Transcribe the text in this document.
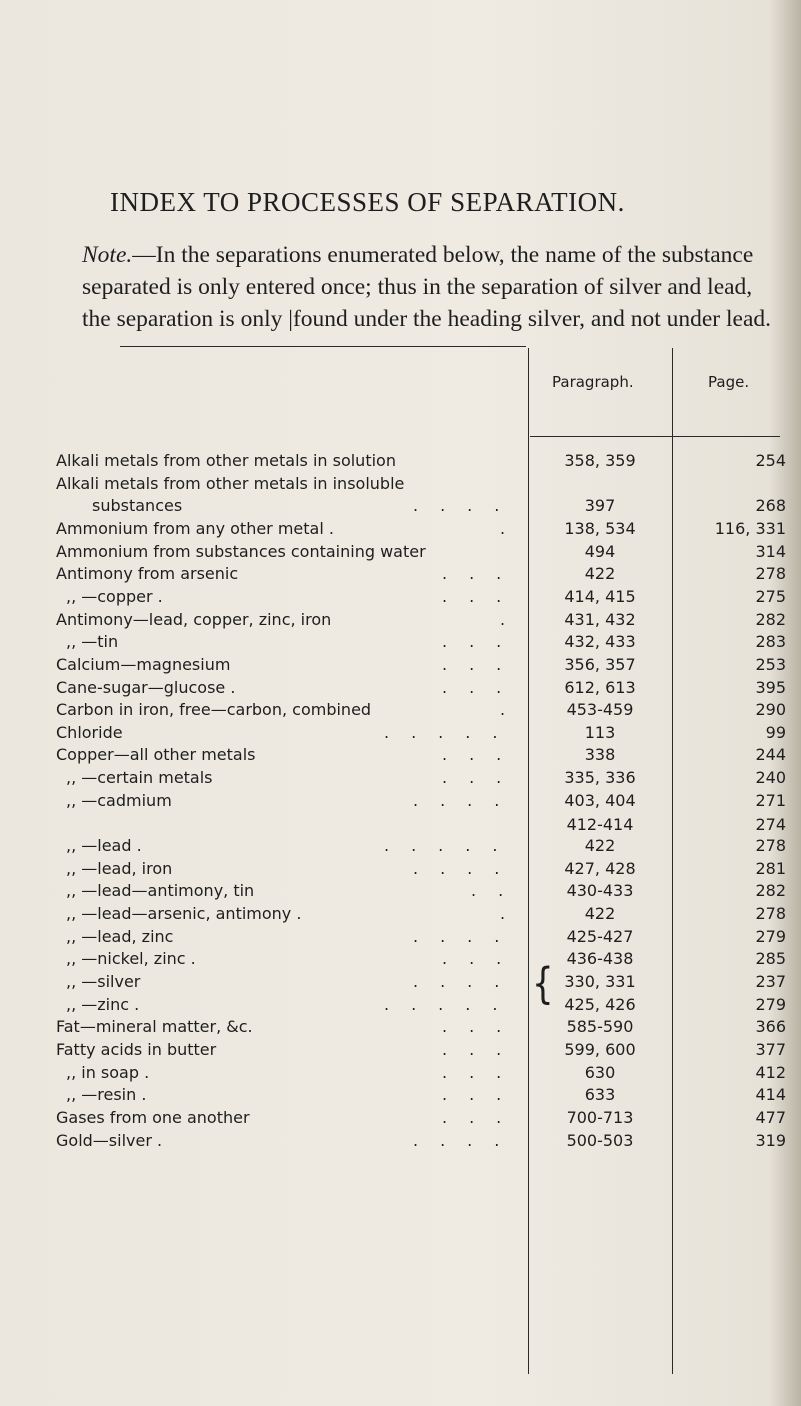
INDEX TO PROCESSES OF SEPARATION.

Note.—In the separations enumerated below, the name of the substance separated is only entered once; thus in the separation of silver and lead, the separation is only |found under the heading silver, and not under lead.

Paragraph.	Page.
{
Alkali metals from other metals in solution	358, 359	254
Alkali metals from other metals in insoluble
substances	....	397	268
Ammonium from any other metal .	.	138, 534	116, 331
Ammonium from substances containing water	494	314
Antimony from arsenic	...	422	278
,, —copper .	...	414, 415	275
Antimony—lead, copper, zinc, iron	.	431, 432	282
,, —tin	...	432, 433	283
Calcium—magnesium	...	356, 357	253
Cane-sugar—glucose .	...	612, 613	395
Carbon in iron, free—carbon, combined	.	453-459	290
Chloride	.....	113	99
Copper—all other metals	...	338	244
,, —certain metals	...	335, 336	240
,, —cadmium	....	403, 404	271
412-414	274
,, —lead .	.....	422	278
,, —lead, iron	....	427, 428	281
,, —lead—antimony, tin	..	430-433	282
,, —lead—arsenic, antimony .	.	422	278
,, —lead, zinc	....	425-427	279
,, —nickel, zinc .	...	436-438	285
,, —silver	....	330, 331	237
,, —zinc .	.....	425, 426	279
Fat—mineral matter, &c.	...	585-590	366
Fatty acids in butter	...	599, 600	377
,, in soap .	...	630	412
,, —resin .	...	633	414
Gases from one another	...	700-713	477
Gold—silver .	....	500-503	319
